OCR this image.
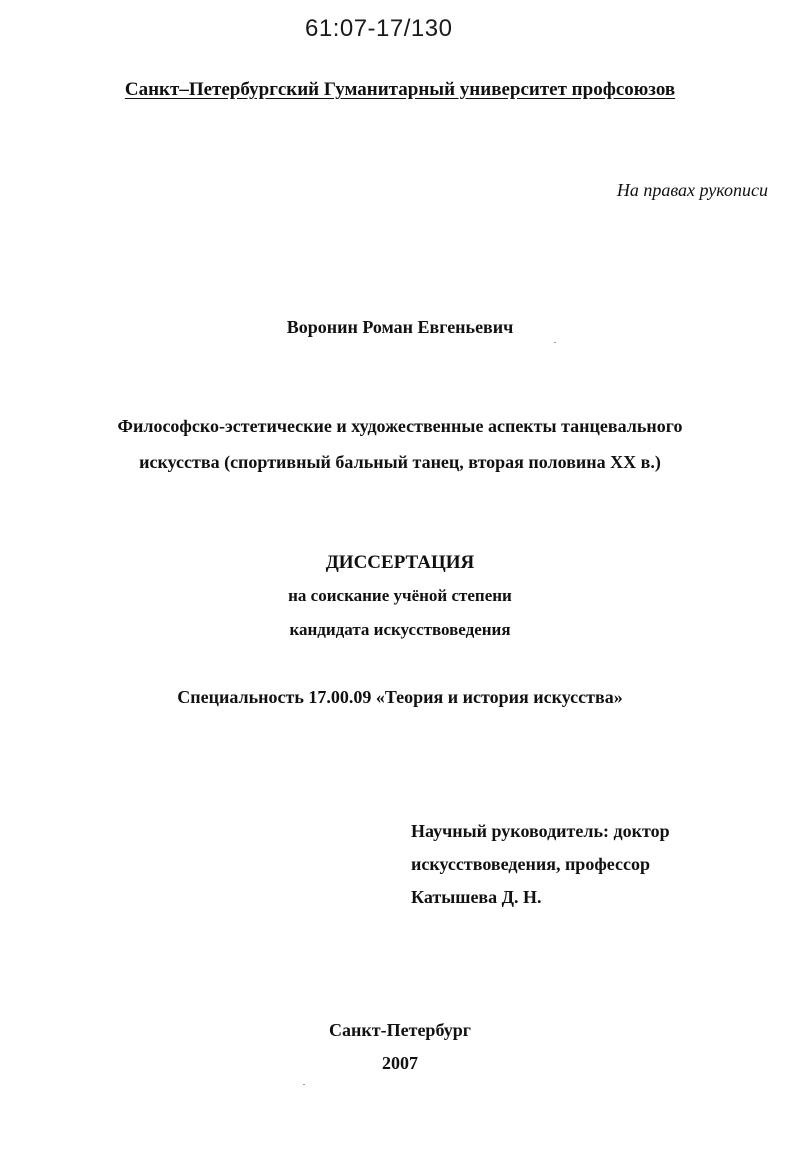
61:07-17/130
Санкт–Петербургский Гуманитарный университет профсоюзов
На правах рукописи
Воронин Роман Евгеньевич
Философско-эстетические и художественные аспекты танцевального
искусства (спортивный бальный танец, вторая половина XX в.)
ДИССЕРТАЦИЯ
на соискание учёной степени
кандидата искусствоведения
Специальность 17.00.09 «Теория и история искусства»
Научный руководитель: доктор
искусствоведения, профессор
Катышева Д. Н.
Санкт-Петербург
2007
